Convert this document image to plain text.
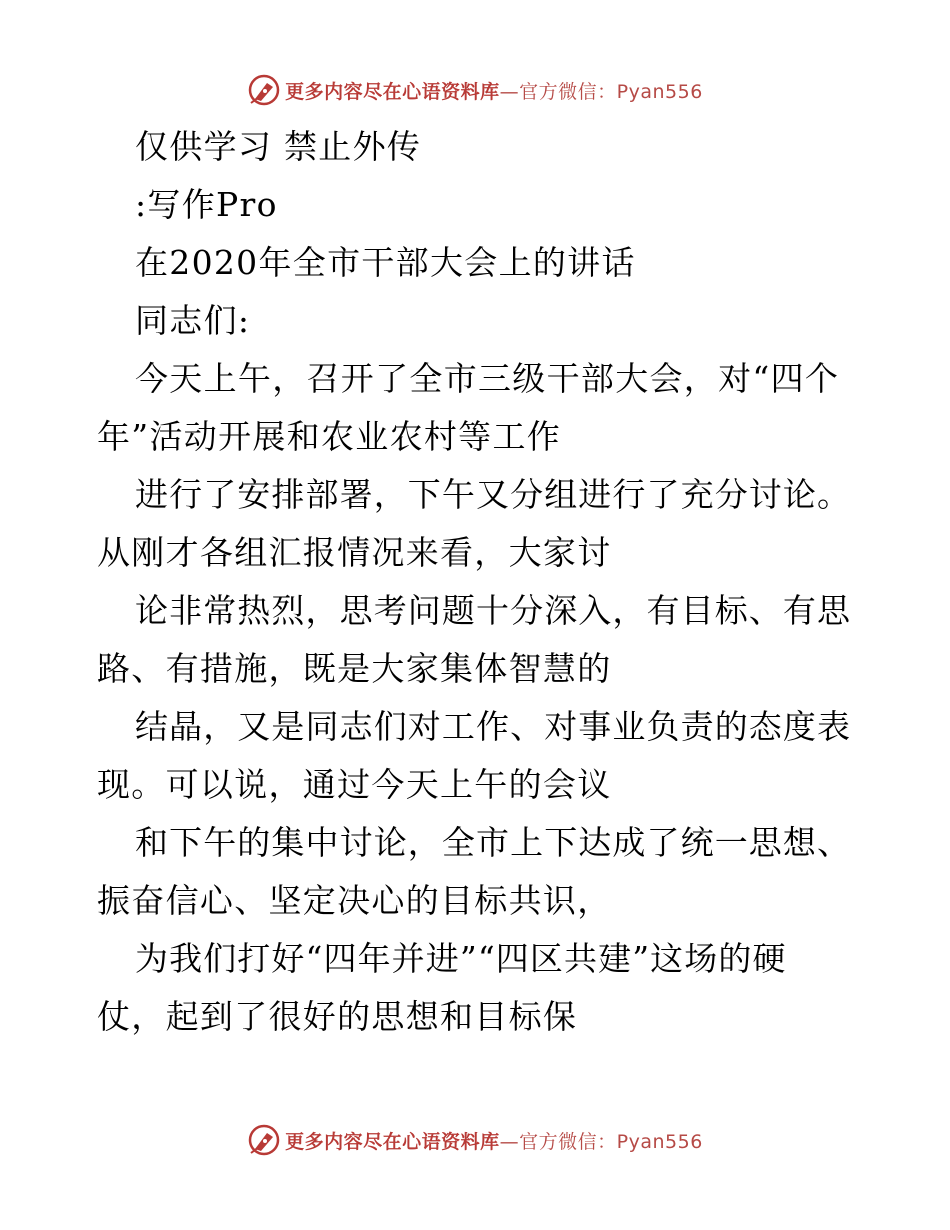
更多内容尽在心语资料库—官方微信：Pyan556
仅供学习 禁止外传
:写作Pro
在2020年全市干部大会上的讲话
同志们:
今天上午，召开了全市三级干部大会，对“四个
年”活动开展和农业农村等工作
进行了安排部署，下午又分组进行了充分讨论。
从刚才各组汇报情况来看，大家讨
论非常热烈，思考问题十分深入，有目标、有思
路、有措施，既是大家集体智慧的
结晶，又是同志们对工作、对事业负责的态度表
现。可以说，通过今天上午的会议
和下午的集中讨论，全市上下达成了统一思想、
振奋信心、坚定决心的目标共识，
为我们打好“四年并进”“四区共建”这场的硬
仗，起到了很好的思想和目标保
更多内容尽在心语资料库—官方微信：Pyan556
